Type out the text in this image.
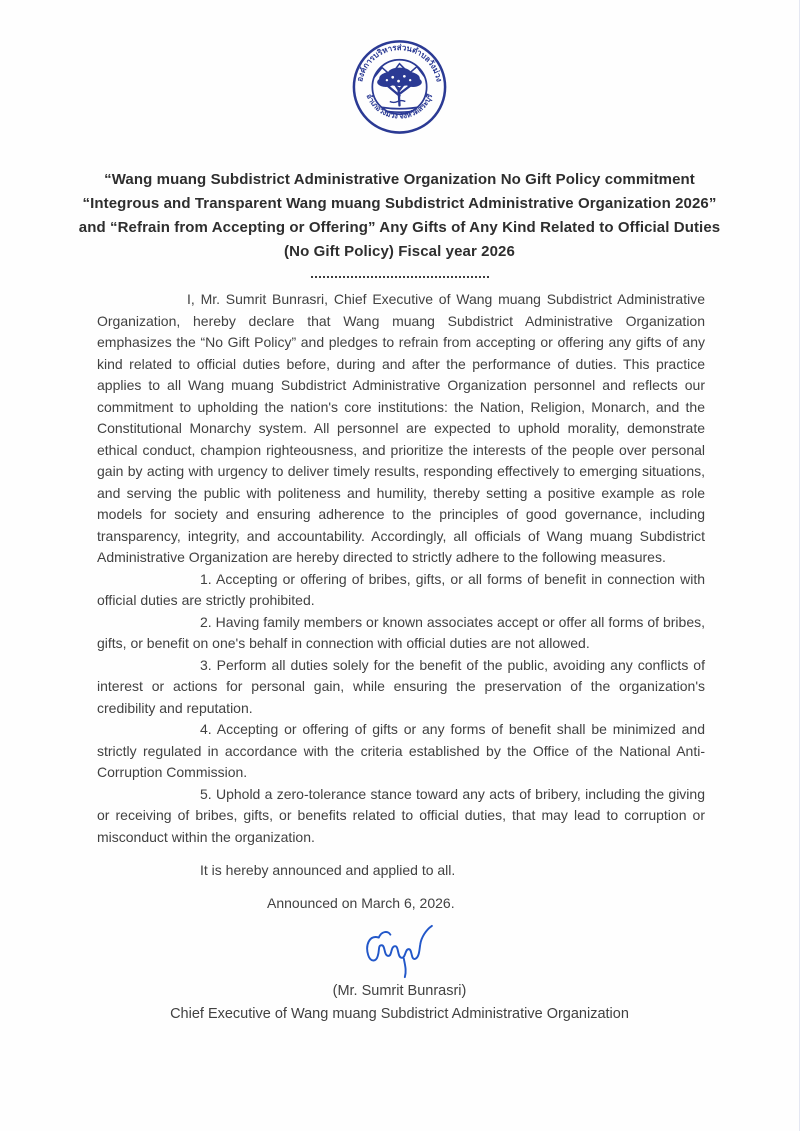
องค์การบริหารส่วนตำบลวังม่วง
อำเภอวังม่วง จังหวัดสระบุรี
“Wang muang Subdistrict Administrative Organization No Gift Policy commitment
“Integrous and Transparent Wang muang Subdistrict Administrative Organization 2026”
and “Refrain from Accepting or Offering” Any Gifts of Any Kind Related to Official Duties
(No Gift Policy) Fiscal year 2026

I, Mr. Sumrit Bunrasri, Chief Executive of Wang muang Subdistrict Administrative Organization, hereby declare that Wang muang Subdistrict Administrative Organization emphasizes the “No Gift Policy” and pledges to refrain from accepting or offering any gifts of any kind related to official duties before, during and after the performance of duties. This practice applies to all Wang muang Subdistrict Administrative Organization personnel and reflects our commitment to upholding the nation's core institutions: the Nation, Religion, Monarch, and the Constitutional Monarchy system. All personnel are expected to uphold morality, demonstrate ethical conduct, champion righteousness, and prioritize the interests of the people over personal gain by acting with urgency to deliver timely results, responding effectively to emerging situations, and serving the public with politeness and humility, thereby setting a positive example as role models for society and ensuring adherence to the principles of good governance, including transparency, integrity, and accountability. Accordingly, all officials of Wang muang Subdistrict Administrative Organization are hereby directed to strictly adhere to the following measures.

1. Accepting or offering of bribes, gifts, or all forms of benefit in connection with official duties are strictly prohibited.

2. Having family members or known associates accept or offer all forms of bribes, gifts, or benefit on one's behalf in connection with official duties are not allowed.

3. Perform all duties solely for the benefit of the public, avoiding any conflicts of interest or actions for personal gain, while ensuring the preservation of the organization's credibility and reputation.

4. Accepting or offering of gifts or any forms of benefit shall be minimized and strictly regulated in accordance with the criteria established by the Office of the National Anti-Corruption Commission.

5. Uphold a zero-tolerance stance toward any acts of bribery, including the giving or receiving of bribes, gifts, or benefits related to official duties, that may lead to corruption or misconduct within the organization.

It is hereby announced and applied to all.
Announced on March 6, 2026.
(Mr. Sumrit Bunrasri)
Chief Executive of Wang muang Subdistrict Administrative Organization
